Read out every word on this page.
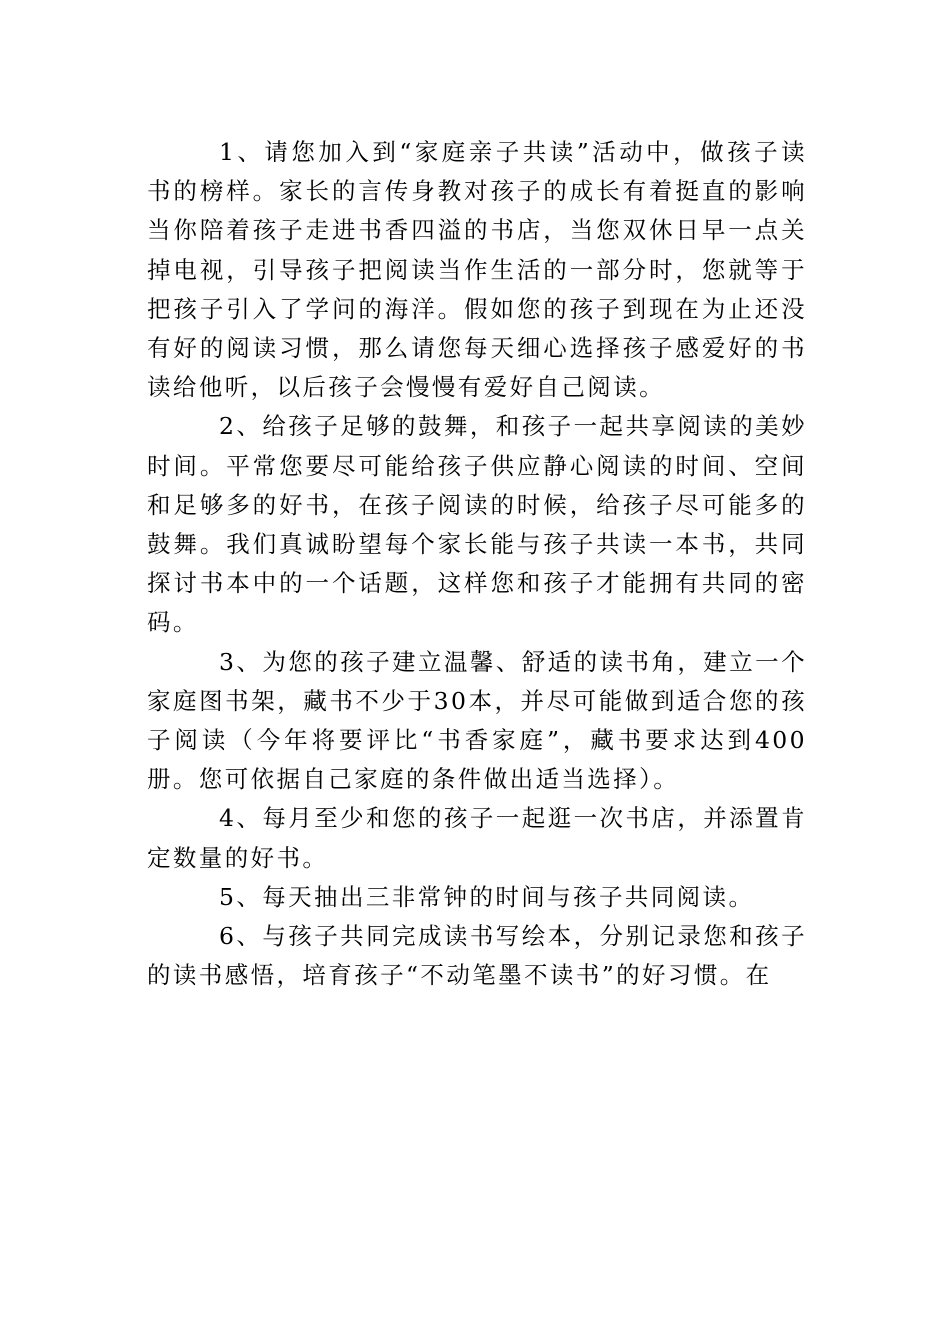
1、请您加入到“家庭亲子共读”活动中，做孩子读书的榜样。家长的言传身教对孩子的成长有着挺直的影响当你陪着孩子走进书香四溢的书店，当您双休日早一点关掉电视，引导孩子把阅读当作生活的一部分时，您就等于把孩子引入了学问的海洋。假如您的孩子到现在为止还没有好的阅读习惯，那么请您每天细心选择孩子感爱好的书读给他听，以后孩子会慢慢有爱好自己阅读。

2、给孩子足够的鼓舞，和孩子一起共享阅读的美妙时间。平常您要尽可能给孩子供应静心阅读的时间、空间和足够多的好书，在孩子阅读的时候，给孩子尽可能多的鼓舞。我们真诚盼望每个家长能与孩子共读一本书，共同探讨书本中的一个话题，这样您和孩子才能拥有共同的密码。

3、为您的孩子建立温馨、舒适的读书角，建立一个家庭图书架，藏书不少于30本，并尽可能做到适合您的孩子阅读（今年将要评比“书香家庭”，藏书要求达到400册。您可依据自己家庭的条件做出适当选择）。

4、每月至少和您的孩子一起逛一次书店，并添置肯定数量的好书。

5、每天抽出三非常钟的时间与孩子共同阅读。

6、与孩子共同完成读书写绘本，分别记录您和孩子的读书感悟，培育孩子“不动笔墨不读书”的好习惯。在
